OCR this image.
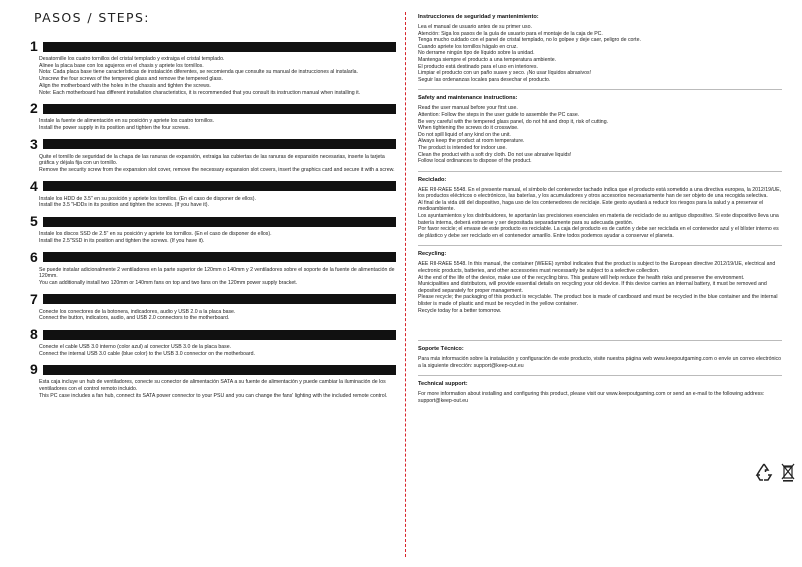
PASOS / STEPS:
1
Desatornille los cuatro tornillos del cristal templado y extraiga el cristal templado.
Alinee la placa base con los agujeros en el chasis y apriete los tornillos.
Nota: Cada placa base tiene características de instalación diferentes, se recomienda que consulte su manual de instrucciones al instalarla.
Unscrew the four screws of the tempered glass and remove the tempered glass.
Align the motherboard with the holes in the chassis and tighten the screws.
Note: Each motherboard has different installation characteristics, it is recommended that you consult its instruction manual when installing it.
2
Instale la fuente de alimentación en su posición y apriete los cuatro tornillos.
Install the power supply in its position and tighten the four screws.
3
Quite el tornillo de seguridad de la chapa de las ranuras de expansión, extraiga las cubiertas de las ranuras de expansión necesarias, inserte la tarjeta gráfica y déjala fija con un tornillo.
Remove the security screw from the expansion slot cover, remove the necessary expansion slot covers, insert the graphics card and secure it with a screw.
4
Instale los HDD de 3.5" en su posición y apriete los tornillos. (En el caso de disponer de ellos).
Install the 3.5 "HDDs in its position and tighten the screws. (If you have it).
5
Instale los discos SSD de 2.5" en su posición y apriete los tornillos. (En el caso de disponer de ellos).
Install the 2.5"SSD in its position and tighten the screws. (If you have it).
6
Se puede instalar adicionalmente 2 ventiladores en la parte superior de 120mm o 140mm y 2 ventiladores sobre el soporte de la fuente de alimentación de 120mm.
You can additionally install two 120mm or 140mm fans on top and two fans on the 120mm power supply bracket.
7
Conecte los conectores de la botonera, indicadores, audio y USB 2.0 a la placa base.
Connect the button, indicators, audio, and USB 2.0 connectors to the motherboard.
8
Conecte el cable USB 3.0 interno (color azul) al conector USB 3.0 de la placa base.
Connect the internal USB 3.0 cable (blue color) to the USB 3.0 connector on the motherboard.
9
Esta caja incluye un hub de ventiladores, conecte su conector de alimentación SATA a su fuente de alimentación y puede cambiar la iluminación de los ventiladores con el control remoto incluido.
This PC case includes a fan hub, connect its SATA power connector to your PSU and you can change the fans' lighting with the included remote control.
Instrucciones de seguridad y mantenimiento:
Lea el manual de usuario antes de su primer uso.
Atención: Siga los pasos de la guía de usuario para el montaje de la caja de PC.
Tenga mucho cuidado con el panel de cristal templado, no lo golpee y deje caer, peligro de corte.
Cuando apriete los tornillos hágalo en cruz.
No derrame ningún tipo de líquido sobre la unidad.
Mantenga siempre el producto a una temperatura ambiente.
El producto está destinado para el uso en interiores.
Limpiar el producto con un paño suave y seco. ¡No usar líquidos abrasivos!
Seguir las ordenanzas locales para desechar el producto.
Safety and maintenance instructions:
Read the user manual before your first use.
Attention: Follow the steps in the user guide to assemble the PC case.
Be very careful with the tempered glass panel, do not hit and drop it, risk of cutting.
When tightening the screws do it crosswise.
Do not spill liquid of any kind on the unit.
Always keep the product at room temperature.
The product is intended for indoor use.
Clean the product with a soft dry cloth. Do not use abrasive liquids!
Follow local ordinances to dispose of the product.
Reciclado:
AEE RII-RAEE 5548. En el presente manual, el símbolo del contenedor tachado indica que el producto está sometido a una directiva europea, la 2012/19/UE, los productos eléctricos o electrónicos, las baterías, y los acumuladores y otros accesorios necesariamente han de ser objeto de una recogida selectiva.
Al final de la vida útil del dispositivo, haga uso de los contenedores de reciclaje. Este gesto ayudará a reducir los riesgos para la salud y a preservar el medioambiente.
Los ayuntamientos y los distribuidores, te aportarán las precisiones esenciales en materia de reciclado de su antiguo dispositivo. Si este dispositivo lleva una batería interna, deberá extraerse y ser depositada separadamente para su adecuada gestión.
Por favor recicle; el envase de este producto es reciclable. La caja del producto es de cartón y debe ser reciclada en el contenedor azul y el blíster interno es de plástico y debe ser reciclado en el contenedor amarillo. Entre todos podemos ayudar a conservar el planeta.
Recycling:
AEE RII-RAEE 5548. In this manual, the container (WEEE) symbol indicates that the product is subject to the European directive 2012/19/UE, electrical and electronic products, batteries, and other accessories must necessarily be subject to a selective collection.
At the end of the life of the device, make use of the recycling bins. This gesture will help reduce the health risks and preserve the environment.
Municipalities and distributors, will provide essential details on recycling your old device. If this device carries an internal battery, it must be removed and deposited separately for proper management.
Please recycle; the packaging of this product is recyclable. The product box is made of cardboard and must be recycled in the blue container and the internal blister is made of plastic and must be recycled in the yellow container.
Recycle today for a better tomorrow.
Soporte Técnico:
Para más información sobre la instalación y configuración de este producto, visite nuestra página web www.keepoutgaming.com o envíe un correo electrónico a la siguiente dirección: support@keep-out.eu
Technical support:
For more information about installing and configuring this product, please visit our www.keepoutgaming.com or send an e-mail to the following address: support@keep-out.eu
